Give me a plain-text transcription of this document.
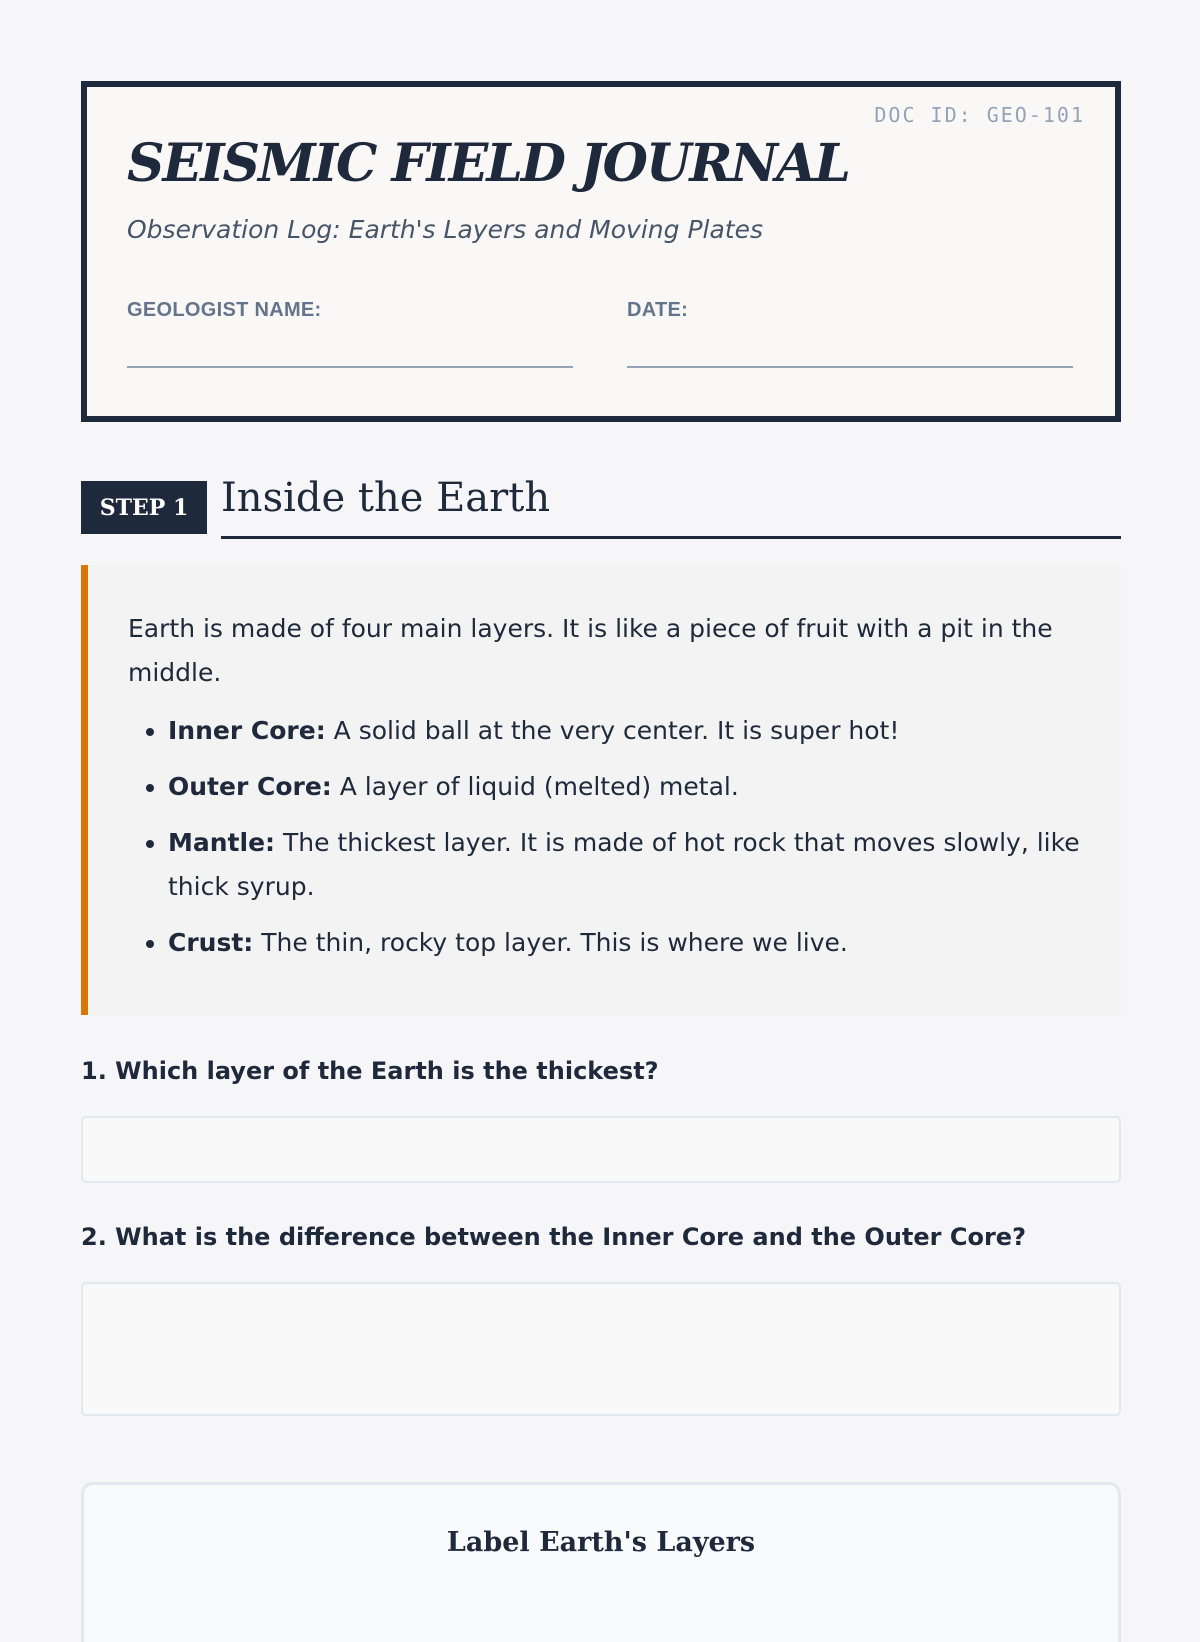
DOC ID: GEO-101
SEISMIC FIELD JOURNAL
Observation Log: Earth's Layers and Moving Plates
GEOLOGIST NAME:	DATE:
STEP 1 Inside the Earth

Earth is made of four main layers. It is like a piece of fruit with a pit in the middle.

• Inner Core: A solid ball at the very center. It is super hot!
• Outer Core: A layer of liquid (melted) metal.
• Mantle: The thickest layer. It is made of hot rock that moves slowly, like thick syrup.
• Crust: The thin, rocky top layer. This is where we live.
1. Which layer of the Earth is the thickest?
2. What is the difference between the Inner Core and the Outer Core?
Label Earth's Layers
